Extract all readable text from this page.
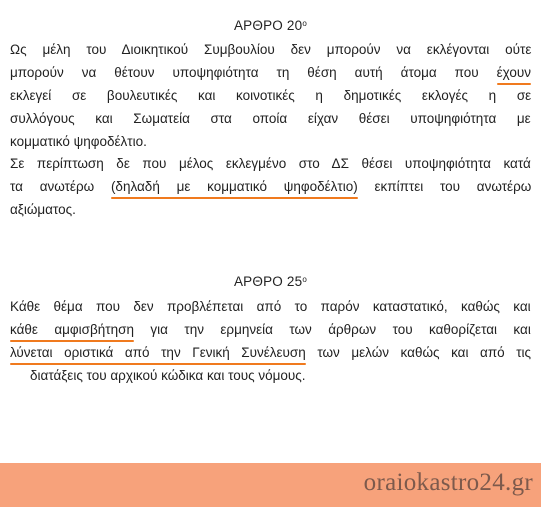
ΑΡΘΡΟ $20^o$
Ως μέλη του Διοικητικού Συμβουλίου δεν μπορούν να εκλέγονται ούτε
μπορούν να θέτουν υποψηφιότητα τη θέση αυτή άτομα που έχουν
εκλεγεί σε βουλευτικές και κοινοτικές η δημοτικές εκλογές η σε
συλλόγους και Σωματεία στα οποία είχαν θέσει υποψηφιότητα με
κομματικό ψηφοδέλτιο.
Σε περίπτωση δε που μέλος εκλεγμένο στο ΔΣ θέσει υποψηφιότητα κατά
τα ανωτέρω (δηλαδή με κομματικό ψηφοδέλτιο) εκπίπτει του ανωτέρω
αξιώματος.
ΑΡΘΡΟ $25^o$
Κάθε θέμα που δεν προβλέπεται από το παρόν καταστατικό, καθώς και
κάθε αμφισβήτηση για την ερμηνεία των άρθρων του καθορίζεται και
λύνεται οριστικά από την Γενική Συνέλευση των μελών καθώς και από τις
διατάξεις του αρχικού κώδικα και τους νόμους.
oraiokastro24.gr
